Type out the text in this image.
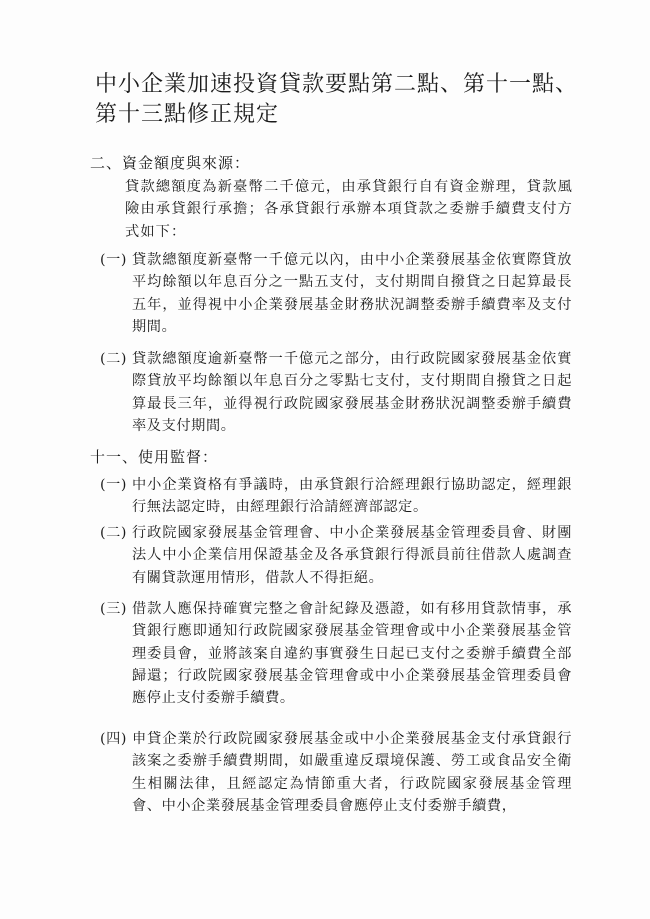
中小企業加速投資貸款要點第二點、第十一點、第十三點修正規定

二、資金額度與來源：

貸款總額度為新臺幣二千億元，由承貸銀行自有資金辦理，貸款風險由承貸銀行承擔；各承貸銀行承辦本項貸款之委辦手續費支付方式如下：

(一) 貸款總額度新臺幣一千億元以內，由中小企業發展基金依實際貸放平均餘額以年息百分之一點五支付，支付期間自撥貸之日起算最長五年，並得視中小企業發展基金財務狀況調整委辦手續費率及支付期間。
(二) 貸款總額度逾新臺幣一千億元之部分，由行政院國家發展基金依實際貸放平均餘額以年息百分之零點七支付，支付期間自撥貸之日起算最長三年，並得視行政院國家發展基金財務狀況調整委辦手續費率及支付期間。

十一、使用監督：

(一) 中小企業資格有爭議時，由承貸銀行洽經理銀行協助認定，經理銀行無法認定時，由經理銀行洽請經濟部認定。
(二) 行政院國家發展基金管理會、中小企業發展基金管理委員會、財團法人中小企業信用保證基金及各承貸銀行得派員前往借款人處調查有關貸款運用情形，借款人不得拒絕。
(三) 借款人應保持確實完整之會計紀錄及憑證，如有移用貸款情事，承貸銀行應即通知行政院國家發展基金管理會或中小企業發展基金管理委員會，並將該案自違約事實發生日起已支付之委辦手續費全部歸還；行政院國家發展基金管理會或中小企業發展基金管理委員會應停止支付委辦手續費。
(四) 申貸企業於行政院國家發展基金或中小企業發展基金支付承貸銀行該案之委辦手續費期間，如嚴重違反環境保護、勞工或食品安全衛生相關法律，且經認定為情節重大者，行政院國家發展基金管理會、中小企業發展基金管理委員會應停止支付委辦手續費，
